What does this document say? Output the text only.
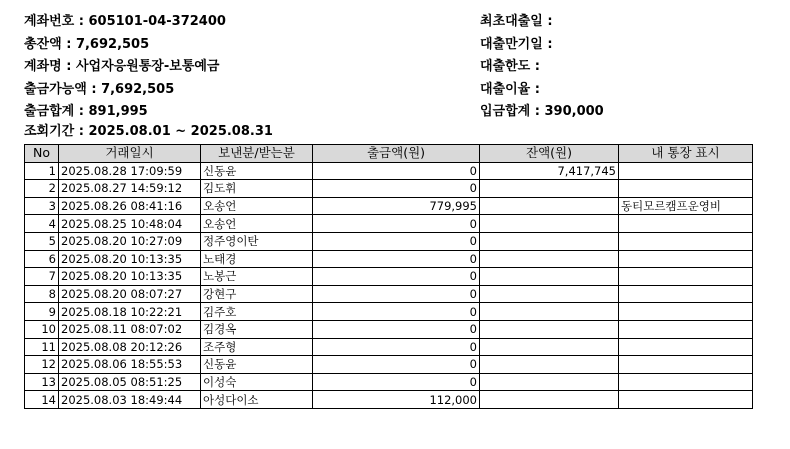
계좌번호 : 605101-04-372400
총잔액 : 7,692,505
계좌명 : 사업자응원통장-보통예금
출금가능액 : 7,692,505
출금합계 : 891,995
최초대출일 :
대출만기일 :
대출한도 :
대출이율 :
입금합계 : 390,000
조회기간 : 2025.08.01 ~ 2025.08.31
No	거래일시	보낸분/받는분	출금액(원)	잔액(원)	내 통장 표시
1	2025.08.28 17:09:59	신동윤	0	7,417,745	
2	2025.08.27 14:59:12	김도휘	0		
3	2025.08.26 08:41:16	오송언	779,995		동티모르캠프운영비
4	2025.08.25 10:48:04	오송언	0		
5	2025.08.20 10:27:09	정주영이탄	0		
6	2025.08.20 10:13:35	노태경	0		
7	2025.08.20 10:13:35	노봉근	0		
8	2025.08.20 08:07:27	강현구	0		
9	2025.08.18 10:22:21	김주호	0		
10	2025.08.11 08:07:02	김경옥	0		
11	2025.08.08 20:12:26	조주형	0		
12	2025.08.06 18:55:53	신동윤	0		
13	2025.08.05 08:51:25	이성숙	0		
14	2025.08.03 18:49:44	아성다이소	112,000		
